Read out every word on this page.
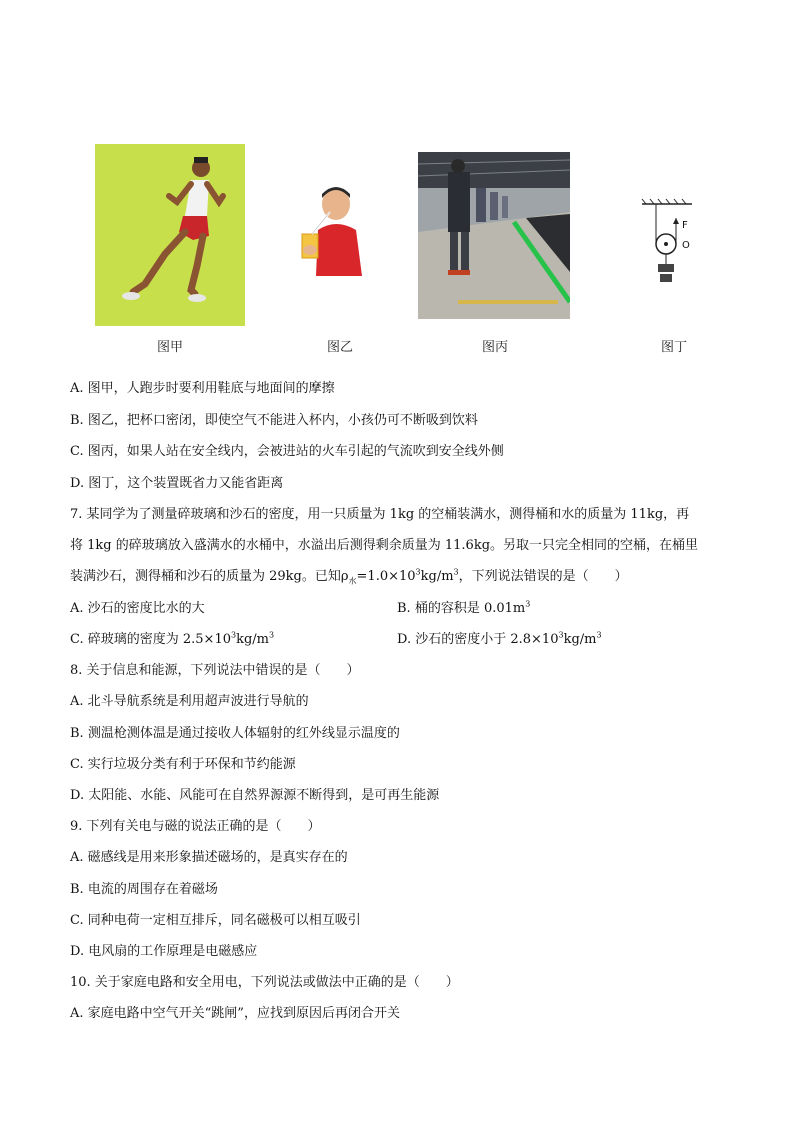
图甲	图乙	图丙
F
O
图丁
A. 图甲，人跑步时要利用鞋底与地面间的摩擦
B. 图乙，把杯口密闭，即使空气不能进入杯内，小孩仍可不断吸到饮料
C. 图丙，如果人站在安全线内，会被进站的火车引起的气流吹到安全线外侧
D. 图丁，这个装置既省力又能省距离
7. 某同学为了测量碎玻璃和沙石的密度，用一只质量为 1kg 的空桶装满水，测得桶和水的质量为 11kg，再
将 1kg 的碎玻璃放入盛满水的水桶中，水溢出后测得剩余质量为 11.6kg。另取一只完全相同的空桶，在桶里
装满沙石，测得桶和沙石的质量为 29kg。已知$\rho_水=1.0\times 10^3kg/m^3$，下列说法错误的是（　　）
A. 沙石的密度比水的大	B. 桶的容积是 $0.01m^3$
C. 碎玻璃的密度为 $2.5\times 10^3kg/m^3$	D. 沙石的密度小于 $2.8\times 10^3kg/m^3$
8. 关于信息和能源，下列说法中错误的是（　　）
A. 北斗导航系统是利用超声波进行导航的
B. 测温枪测体温是通过接收人体辐射的红外线显示温度的
C. 实行垃圾分类有利于环保和节约能源
D. 太阳能、水能、风能可在自然界源源不断得到，是可再生能源
9. 下列有关电与磁的说法正确的是（　　）
A. 磁感线是用来形象描述磁场的，是真实存在的
B. 电流的周围存在着磁场
C. 同种电荷一定相互排斥，同名磁极可以相互吸引
D. 电风扇的工作原理是电磁感应
10. 关于家庭电路和安全用电，下列说法或做法中正确的是（　　）
A. 家庭电路中空气开关“跳闸”，应找到原因后再闭合开关
